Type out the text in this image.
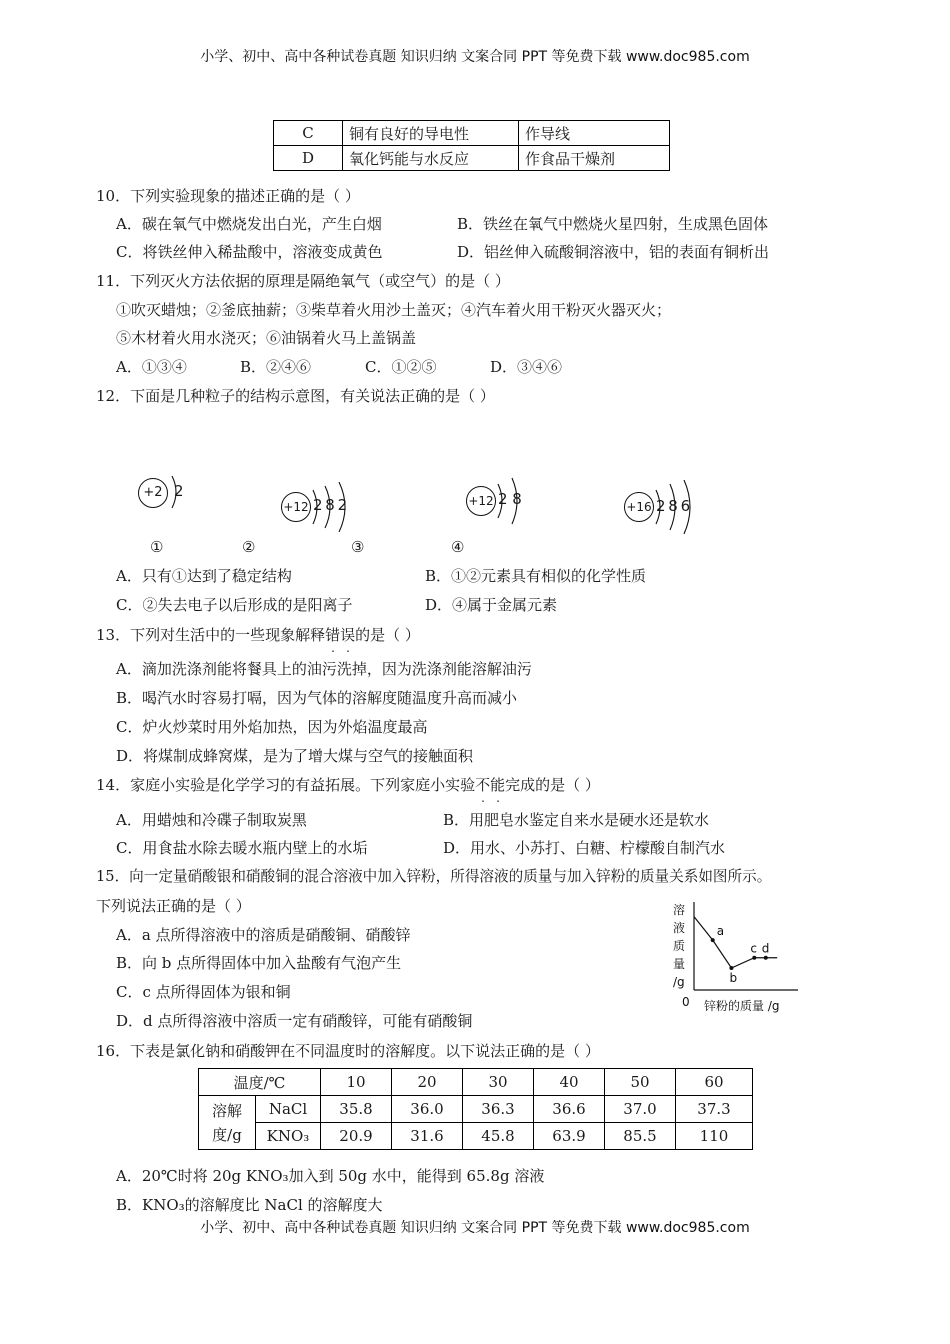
小学、初中、高中各种试卷真题 知识归纳 文案合同 PPT 等免费下载 www.doc985.com
C	铜有良好的导电性	作导线
D	氧化钙能与水反应	作食品干燥剂
10．下列实验现象的描述正确的是（ ）
A．碳在氧气中燃烧发出白光，产生白烟	B．铁丝在氧气中燃烧火星四射，生成黑色固体
C．将铁丝伸入稀盐酸中，溶液变成黄色	D．铝丝伸入硫酸铜溶液中，铝的表面有铜析出
11．下列灭火方法依据的原理是隔绝氧气（或空气）的是（ ）
①吹灭蜡烛；②釜底抽薪；③柴草着火用沙土盖灭；④汽车着火用干粉灭火器灭火；
⑤木材着火用水浇灭；⑥油锅着火马上盖锅盖
A．①③④	B．②④⑥	C．①②⑤	D．③④⑥
12．下面是几种粒子的结构示意图，有关说法正确的是（ ）
+2 2
+12 2 8 2	+12 2 8	+16 2 8 6
①	②	③	④
A．只有①达到了稳定结构	B．①②元素具有相似的化学性质
C．②失去电子以后形成的是阳离子	D．④属于金属元素
13．下列对生活中的一些现象解释错误的是（ ）
A．滴加洗涤剂能将餐具上的油污洗掉，因为洗涤剂能溶解油污
B．喝汽水时容易打嗝，因为气体的溶解度随温度升高而减小
C．炉火炒菜时用外焰加热，因为外焰温度最高
D．将煤制成蜂窝煤，是为了增大煤与空气的接触面积
14．家庭小实验是化学学习的有益拓展。下列家庭小实验不能完成的是（ ）
A．用蜡烛和冷碟子制取炭黑	B．用肥皂水鉴定自来水是硬水还是软水
C．用食盐水除去暖水瓶内壁上的水垢	D．用水、小苏打、白糖、柠檬酸自制汽水
15．向一定量硝酸银和硝酸铜的混合溶液中加入锌粉，所得溶液的质量与加入锌粉的质量关系如图所示。
下列说法正确的是（ ）
A．a 点所得溶液中的溶质是硝酸铜、硝酸锌
B．向 b 点所得固体中加入盐酸有气泡产生
C．c 点所得固体为银和铜
D．d 点所得溶液中溶质一定有硝酸锌，可能有硝酸铜
a
b
c d
溶
液
质
量
/g
0 锌粉的质量 /g
16．下表是氯化钠和硝酸钾在不同温度时的溶解度。以下说法正确的是（ ）
温度/℃		10	20	30	40	50	60
溶解度/g	NaCl	35.8	36.0	36.3	36.6	37.0	37.3
	KNO₃	20.9	31.6	45.8	63.9	85.5	110
A．20℃时将 20g KNO₃加入到 50g 水中，能得到 65.8g 溶液
B．KNO₃的溶解度比 NaCl 的溶解度大
小学、初中、高中各种试卷真题 知识归纳 文案合同 PPT 等免费下载 www.doc985.com
